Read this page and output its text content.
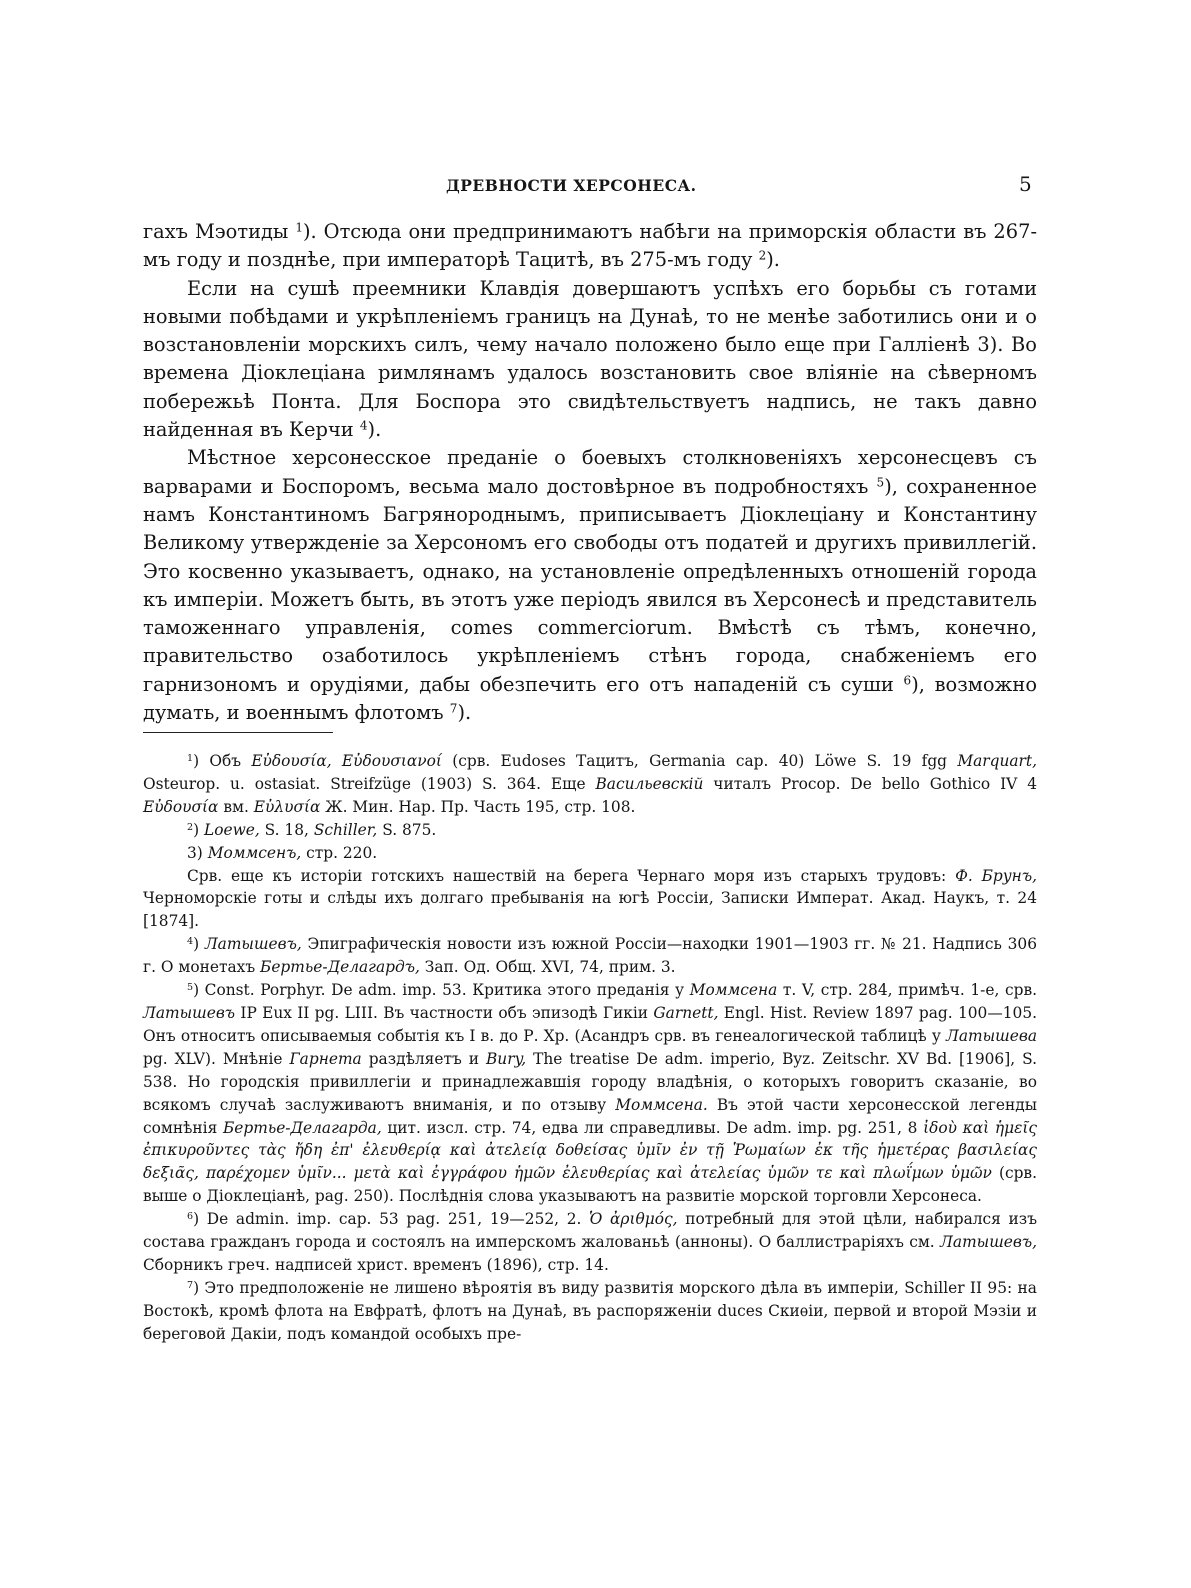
ДРЕВНОСТИ ХЕРСОНЕСА.	5

гахъ Мэотиды $^1$). Отсюда они предпринимаютъ набѣги на приморскія области въ 267-мъ году и позднѣе, при императорѣ Тацитѣ, въ 275-мъ году $^2$).

Если на сушѣ преемники Клавдія довершаютъ успѣхъ его борьбы съ готами новыми побѣдами и укрѣпленіемъ границъ на Дунаѣ, то не менѣе заботились они и о возстановленіи морскихъ силъ, чему начало положено было еще при Галліенѣ 3). Во времена Діоклеціана римлянамъ удалось возстановить свое вліяніе на сѣверномъ побережьѣ Понта. Для Боспора это свидѣтельствуетъ надпись, не такъ давно найденная въ Керчи $^4$).

Мѣстное херсонесское преданіе о боевыхъ столкновеніяхъ херсонесцевъ съ варварами и Боспоромъ, весьма мало достовѣрное въ подробностяхъ $^5$), сохраненное намъ Константиномъ Багрянороднымъ, приписываетъ Діоклеціану и Константину Великому утвержденіе за Херсономъ его свободы отъ податей и другихъ привиллегій. Это косвенно указываетъ, однако, на установленіе опредѣленныхъ отношеній города къ имперіи. Можетъ быть, въ этотъ уже періодъ явился въ Херсонесѣ и представитель таможеннаго управленія, comes commerciorum. Вмѣстѣ съ тѣмъ, конечно, правительство озаботилось укрѣпленіемъ стѣнъ города, снабженіемъ его гарнизономъ и орудіями, дабы обезпечить его отъ нападеній съ суши $^6$), возможно думать, и военнымъ флотомъ $^7$).

$^1$) Объ Εὐδουσία, Εὐδουσιανοί (срв. Eudoses Тацитъ, Germania cap. 40) Löwe S. 19 fgg Marquart, Osteurop. u. ostasiat. Streifzüge (1903) S. 364. Еще Васильевскій читалъ Procop. De bello Gothico IV 4 Εὐδουσία вм. Εὐλυσία Ж. Мин. Нар. Пр. Часть 195, стр. 108.

$^2$) Loewe, S. 18, Schiller, S. 875.

3) Моммсенъ, стр. 220.

Срв. еще къ исторіи готскихъ нашествій на берега Чернаго моря изъ старыхъ трудовъ: Ф. Брунъ, Черноморскіе готы и слѣды ихъ долгаго пребыванія на югѣ Россіи, Записки Императ. Акад. Наукъ, т. 24 [1874].

$^4$) Латышевъ, Эпиграфическія новости изъ южной Россіи—находки 1901—1903 гг. № 21. Надпись 306 г. О монетахъ Бертье-Делагардъ, Зап. Од. Общ. XVI, 74, прим. 3.

$^5$) Const. Porphyr. De adm. imp. 53. Критика этого преданія у Моммсена т. V, стр. 284, примѣч. 1-е, срв. Латышевъ IP Eux II pg. LIII. Въ частности объ эпизодѣ Гикіи Garnett, Engl. Hist. Review 1897 pag. 100—105. Онъ относитъ описываемыя событія къ I в. до Р. Хр. (Асандръ срв. въ генеалогической таблицѣ у Латышева pg. XLV). Мнѣніе Гарнета раздѣляетъ и Bury, The treatise De adm. imperio, Byz. Zeitschr. XV Bd. [1906], S. 538. Но городскія привиллегіи и принадлежавшія городу владѣнія, о которыхъ говоритъ сказаніе, во всякомъ случаѣ заслуживаютъ вниманія, и по отзыву Моммсена. Въ этой части херсонесской легенды сомнѣнія Бертье-Делагарда, цит. изсл. стр. 74, едва ли справедливы. De adm. imp. pg. 251, 8 ἰδοὺ καὶ ἡμεῖς ἐπικυροῦντες τὰς ἤδη ἐπ' ἐλευθερίᾳ καὶ ἀτελείᾳ δοθείσας ὑμῖν ἐν τῇ Ῥωμαίων ἐκ τῆς ἡμετέρας βασιλείας δεξιᾶς, παρέχομεν ὑμῖν... μετὰ καὶ ἐγγράφου ἡμῶν ἐλευθερίας καὶ ἀτελείας ὑμῶν τε καὶ πλωΐμων ὑμῶν (срв. выше о Діоклеціанѣ, pag. 250). Послѣднія слова указываютъ на развитіе морской торговли Херсонеса.

$^6$) De admin. imp. cap. 53 pag. 251, 19—252, 2. Ὁ ἀριθμός, потребный для этой цѣли, набирался изъ состава гражданъ города и состоялъ на имперскомъ жалованьѣ (анноны). О баллистраріяхъ см. Латышевъ, Сборникъ греч. надписей христ. временъ (1896), стр. 14.

$^7$) Это предположеніе не лишено вѣроятія въ виду развитія морского дѣла въ имперіи, Schiller II 95: на Востокѣ, кромѣ флота на Евфратѣ, флотъ на Дунаѣ, въ распоряженіи duces Скиѳіи, первой и второй Мэзіи и береговой Дакіи, подъ командой особыхъ пре-
